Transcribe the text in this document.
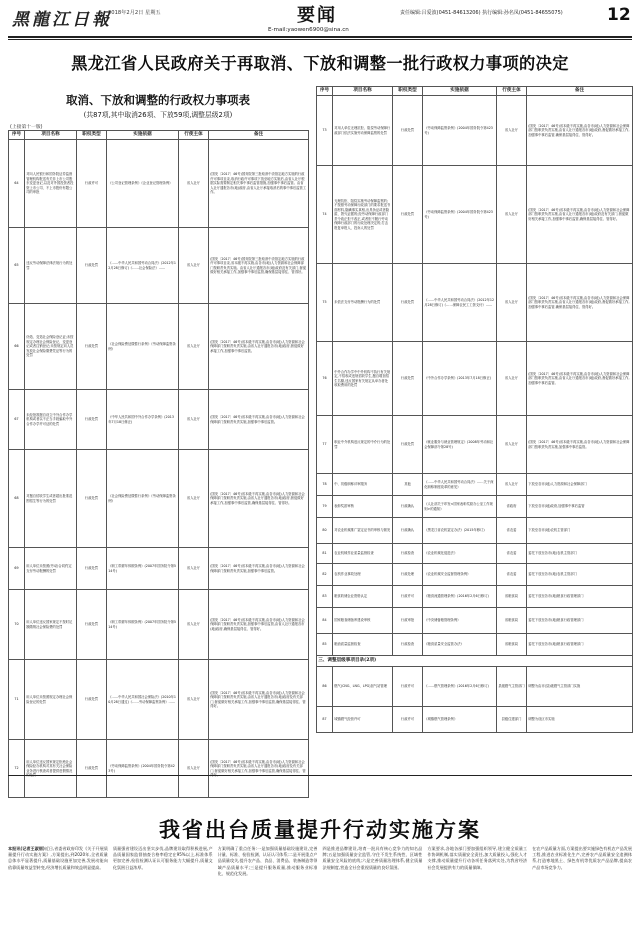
黑龍江日報
2018年2月2日 星期五	要闻
E-mail:yaowen6900@sina.cn
责任编辑:吕爱波(0451-84613206) 执行编辑:孙名凤(0451-84655075)	12
黑龙江省人民政府关于再取消、下放和调整一批行政权力事项的决定
取消、下放和调整的行政权力事项表
(共87项,其中取消26项、下放59项,调整层级2项)
(上接第十一版)
序号	项目名称	职权类型	实施依据	行使主体	备注

64	对向人民银行和国务院证券监督管理机构报送有关非上市公司股东变更登记,以及对外国投资者投资上市公司、不上市股份有限公司的审批	行政许可	《公司登记管理条例》《企业登记管理条例》	省人社厅	(国发〔2017〕46号)国务院第三批取消中央指定地方实施的行政许可事项目录,取消行政许可事项下放至地方实施后,由省人社厅根据实际需要制定相关事中事后监管措施,加强事中事后监管。由省人社厅通报各市(地)政府,由省人社厅承接取消后的事中事后监管工作。

65	违反劳动保障法律法规行为的处罚	行政处罚	《……中华人民共和国劳动合同法》(2012年12月28日修订)《……社会保险法》……	省人社厅	(国发〔2017〕46号)国务院第三批取消中央指定地方实施的行政许可事项目录,省本级不再实施,由各市(地)人力资源和社会保障部门按职责负责实施。由省人社厅通报各市(地)政府及有关部门,督促做好相关承接工作,加强事中事后监管,确保基层接得住、管得好。

66	伪造、变造社会保险登记证;未按规定办理社会保险登记、变更登记或者注销登记;未按规定向人员发放社会保险缴费凭证等行为的处罚	行政处罚	《社会保险费征缴暂行条例》《劳动保障监察条例》	省人社厅	(国发〔2017〕46号)省本级不再实施,由各市(地)人力资源和社会保障部门按职责负责实施,由省人社厅通报各市(地)政府,督促做好承接工作,加强事中事后监管。

67	未经批准擅自设立中外合作办学机构或者以不正当手段骗取中外合作办学许可证的处罚	行政处罚	《中华人民共和国中外合作办学条例》(2013年7月18日修正)	省人社厅	(国发〔2017〕46号)省本级不再实施,由各市(地)人力资源和社会保障部门按职责负责实施,加强事中事后监管。

68	对擅自招收学生或者超出批准范围招生等行为的处罚	行政处罚	《社会保险费征缴暂行条例》《劳动保障监察条例》	省人社厅	(国发〔2017〕46号)省本级不再实施,由各市(地)人力资源和社会保障部门按职责负责实施,由省人社厅通报各市(地)政府,督促做好承接工作,加强事中事后监管,确保基层接得住、管得好。

69	用人单位未按照(劳动)合同约定支付劳动报酬的处罚	行政处罚	《职工带薪年休假条例》(2007年国务院令第514号)	省人社厅	(国发〔2017〕46号)省本级不再实施,由各市(地)人力资源和社会保障部门按职责负责实施,加强事中事后监管。

70	用人单位违反国家规定不按时足额缴纳社会保险费的处罚	行政处罚	《职工带薪年休假条例》(2007年国务院令第514号)	省人社厅	(国发〔2017〕46号)省本级不再实施,由各市(地)人力资源和社会保障部门按职责负责实施,加强事中事后监管,由省人社厅通报各市(地)政府,确保基层接得住、管得好。

71	用人单位未按照规定办理社会保险登记的处罚	行政处罚	《……中华人民共和国社会保险法》(2010年10月28日通过)《……劳动保障监察条例》……	省人社厅	(国发〔2017〕46号)省本级不再实施,由各市(地)人力资源和社会保障部门按职责负责实施,由省人社厅通报各市(地)政府及有关部门,督促做好相关承接工作,加强事中事后监管,确保基层接得住、管得好。

72	用人单位违反国家规定拒绝社会保险经办机构对其有关社会保险业务进行核查或者提供虚假情况	行政处罚	《劳动保障监察条例》(2004年国务院令第423号)	省人社厅	(国发〔2017〕46号)省本级不再实施,由各市(地)人力资源和社会保障部门按职责负责实施,由省人社厅通报各市(地)政府及有关部门,督促做好相关承接工作,加强事中事后监管,确保基层接得住、管
序号	项目名称	职权类型	实施依据	行使主体	备注

73	对用人单位无理抗拒、阻挠劳动保障行政部门依法实施劳动保障监察的处罚	行政处罚	《劳动保障监察条例》(2004年国务院令第423号)	省人社厅	(国发〔2017〕46号)省本级不再实施,由各市(地)人力资源和社会保障部门按职责负责实施,由省人社厅通报各市(地)政府,督促做好承接工作,加强事中事后监管,确保基层接得住、管得好。

74	无理抗拒、阻挠实施劳动保障监察的;不按照劳动保障行政部门的要求报送书面材料,隐瞒事实真相,出具伪证或者隐匿、毁灭证据的;经劳动保障行政部门责令改正拒不改正,或者拒不履行劳动保障行政部门的行政处理决定的;打击报复举报人、投诉人的处罚	行政处罚	《劳动保障监察条例》(2004年国务院令第423号)	省人社厅	(国发〔2017〕46号)省本级不再实施,由各市(地)人力资源和社会保障部门按职责负责实施,由省人社厅通报各市(地)政府及有关部门,督促做好相关承接工作,加强事中事后监管,确保基层接得住、管得好。

75	未依法支付劳动报酬行为的处罚	行政处罚	《……中华人民共和国劳动合同法》(2012年12月28日修订)《……保障农民工工资支付》……	省人社厅	(国发〔2017〕46号)省本级不再实施,由各市(地)人力资源和社会保障部门按职责负责实施,由省人社厅通报各市(地)政府,督促做好承接工作,加强事中事后监管,确保基层接得住、管得好。

76	中外合作办学中中外机构不执行有关规定,不招收或违规招收学生,擅自增加招生名额,违反国家有关规定从举办者处收取费用的处罚	行政处罚	《中外合作办学条例》(2013年7月18日修正)	省人社厅	(国发〔2017〕46号)省本级不再实施,由各市(地)人力资源和社会保障部门按职责负责实施,由省人社厅通报各市(地)政府,督促做好承接工作,加强事中事后监管。

77	职业中介机构违反规定的中介行为的处罚	行政处罚	《就业服务与就业管理规定》(2008年劳动和社会保障部令第28号)	省人社厅	(国发〔2017〕46号)省本级不再实施,由各市(地)人力资源和社会保障部门按职责负责实施,加强事中事后监管。

78	中、初级职称评审服务	其他	《……中华人民共和国劳动合同法》……关于深化职称制度改革的意见》	省人社厅	下放至各市(地)人力资源和社会保障部门

79	表彰奖励审核	行政确认	《人社部关于印发<国家表彰奖励办公室工作规则>的通知》	省政府	下放至各市(地)政府,加强事中事后监管

80	对农业机械推广鉴定证书的审核与颁发	行政确认	《黑龙江省农机鉴定办法》(2015年修订)	省农委	下放至各市(地)农机主管部门

81	农业机械作业质量监督检查	行政检查	《农业机械化促进法》	省农委	委托下放至各市(地)农机主管部门

82	农机作业事故处理	行政处理	《农业机械安全监督管理条例》	省农委	委托下放至各市(地)农机主管部门

83	粮食收储企业资格认定	行政许可	《粮食流通管理条例》(2016年2月6日修订)	省粮食局	委托下放至各市(地)粮食行政管理部门

84	国家粮食储备库建设审核	行政审批	《中央储备粮管理条例》	省粮食局	委托下放至各市(地)粮食行政管理部门

85	粮油质量监督检查	行政检查	《粮食质量安全监管办法》	省粮食局	委托下放至各市(地)粮食行政管理部门

三、调整层级事项目录(2项)					

86	燃气(CNG、LNG、LPG)加气站管理	行政许可	《……燃气管理条例》(2016年2月6日修订)	县级燃气主管部门	调整为由市(县)级燃气主管部门实施

87	城镇燃气经营许可	行政许可	《城镇燃气管理条例》	县级住建部门	调整为设区市实施
我省出台质量提升行动实施方案
本报讯(记者王淑丽)近日,省委省政府印发《关于开展质量提升行动实施方案》,方案提出,到2020年,全省质量总体水平显著提升,质量基础设施更加完善,发展动能向依靠质量效益型转变,经济增长质量和效益明显提高。
质量强省建设迈出坚实步伐,品牌建设取得积极进展,产品质量国家监督抽查合格率稳定在95%以上,标准体系更加完善,检验检测认证认可服务能力大幅提升,质量文化氛围日益浓厚。
方案明确了重点任务:一是加强质量基础设施建设,完善计量、标准、检验检测、认证认可体系;二是开展重点产品质量攻关,提升农产品、食品、消费品、装备制造等领域产品质量水平;三是提升服务质量,推动服务业标准化、规范化发展。
四是推进品牌建设,培育一批具有核心竞争力的知名品牌;五是加强质量安全监管,守住不发生系统性、区域性质量安全风险的底线;六是完善质量治理体系,健全质量法规制度,营造全社会重视质量的良好氛围。
方案要求,各地各部门要加强组织领导,建立健全质量工作协调机制,落实质量安全责任,加大质量投入,强化人才支撑,推动质量提升行动各项任务落到实处,为我省经济社会发展提供有力的质量保障。
在农产品质量方面,方案提出要实施绿色有机农产品发展工程,推进农业标准化生产,完善农产品质量安全追溯体系,打造寒地黑土、绿色有机等优质农产品品牌,提高农产品市场竞争力。
